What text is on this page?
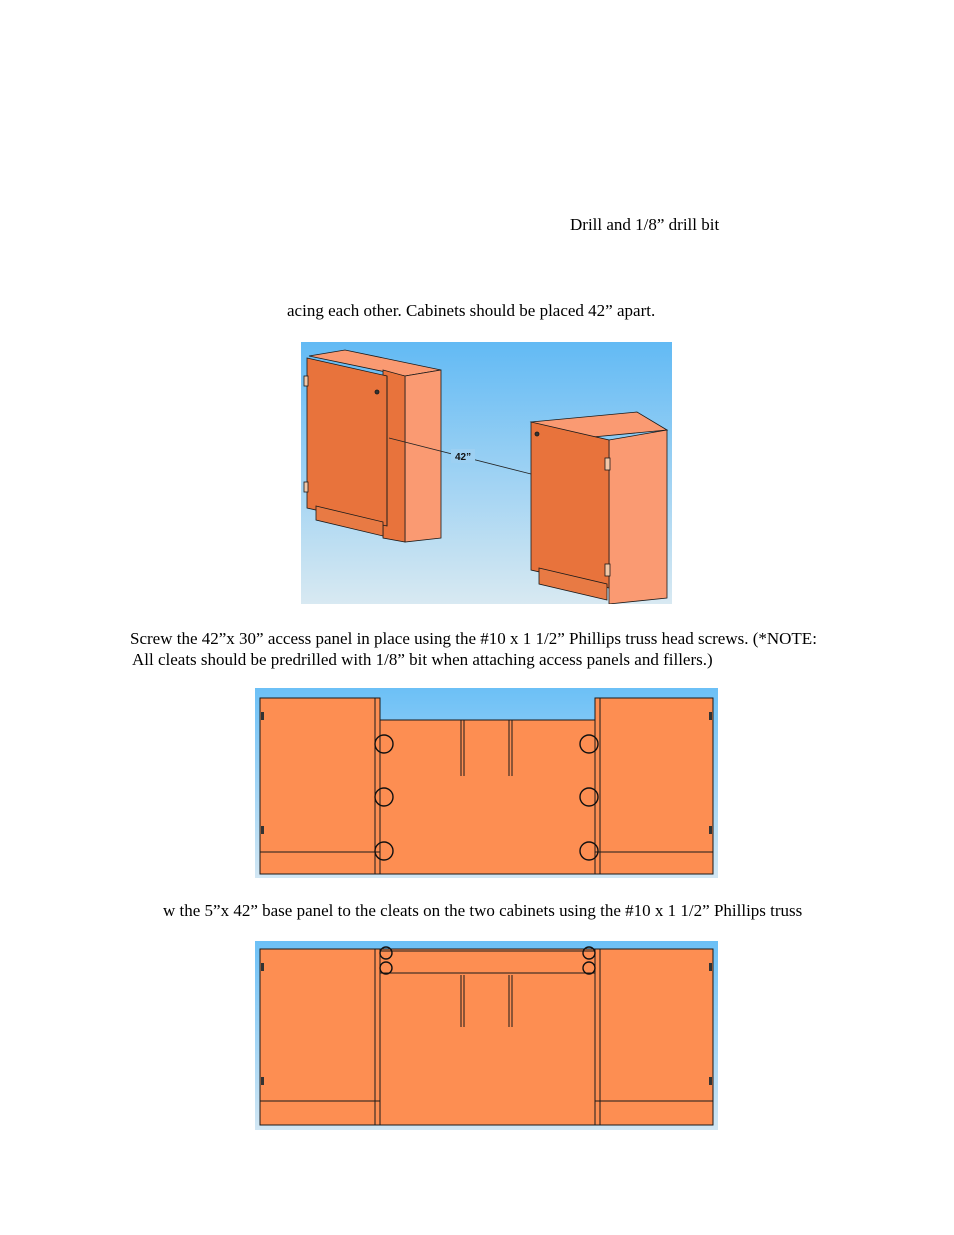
Drill and 1/8” drill bit

acing each other. Cabinets should be placed 42” apart.

42”

Screw the 42”x 30” access panel in place using the #10 x 1 1/2” Phillips truss head screws. (*NOTE:

All cleats should be predrilled with 1/8” bit when attaching access panels and fillers.)

w the 5”x 42” base panel to the cleats on the two cabinets using the #10 x 1 1/2” Phillips truss
